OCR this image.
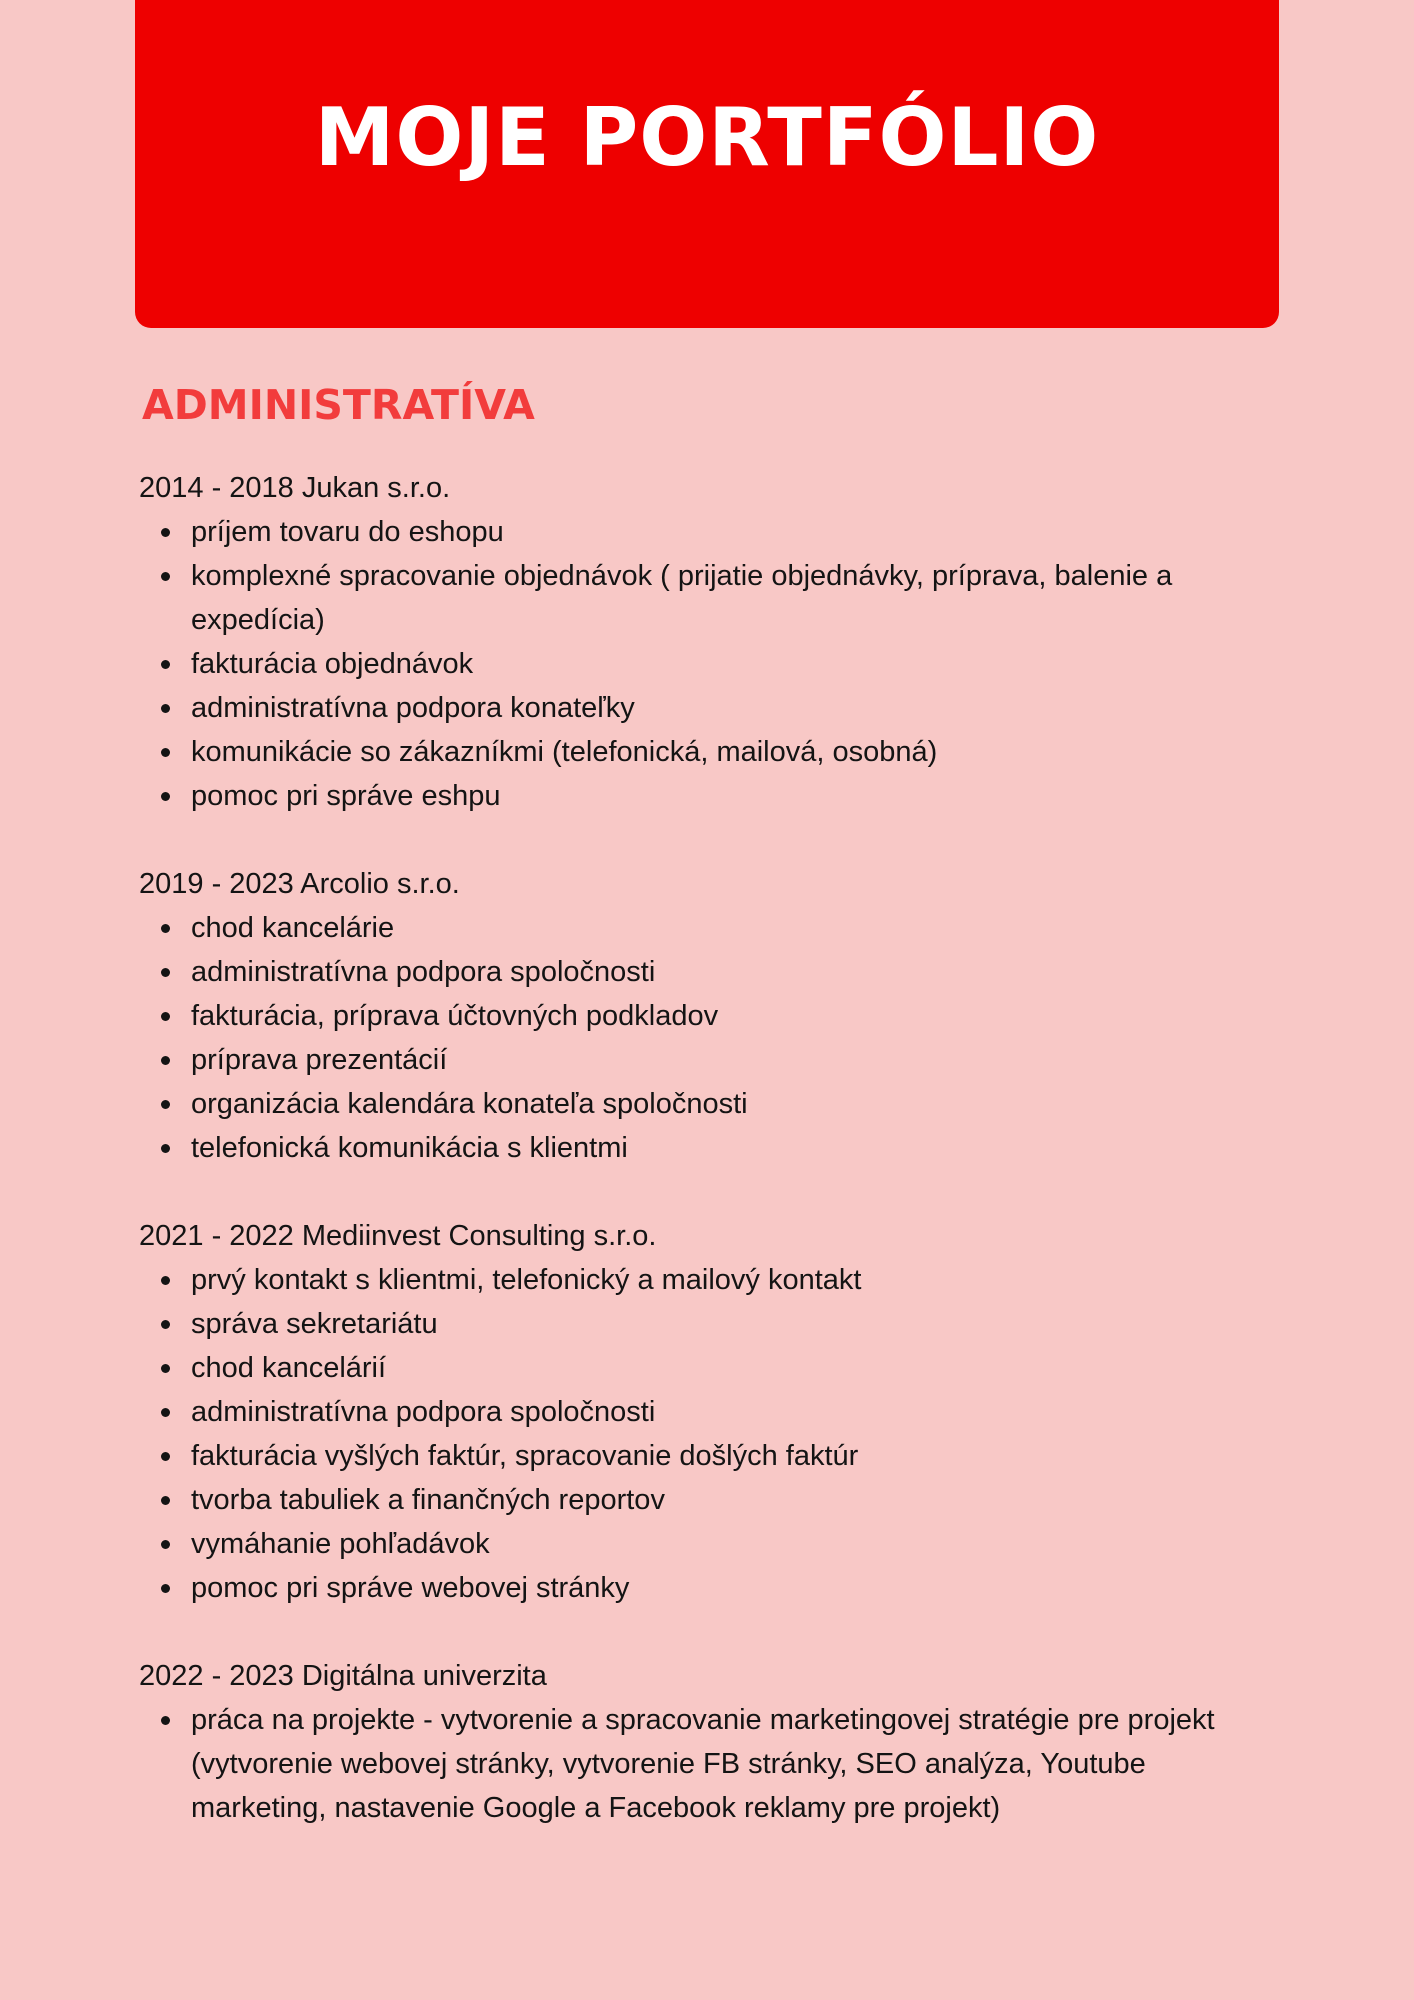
MOJE PORTFÓLIO
ADMINISTRATÍVA

2014 - 2018 Jukan s.r.o.

príjem tovaru do eshopu
komplexné spracovanie objednávok ( prijatie objednávky, príprava, balenie a expedícia)
fakturácia objednávok
administratívna podpora konateľky
komunikácie so zákazníkmi (telefonická, mailová, osobná)
pomoc pri správe eshpu

2019 - 2023 Arcolio s.r.o.

chod kancelárie
administratívna podpora spoločnosti
fakturácia, príprava účtovných podkladov
príprava prezentácií
organizácia kalendára konateľa spoločnosti
telefonická komunikácia s klientmi

2021 - 2022 Mediinvest Consulting s.r.o.

prvý kontakt s klientmi, telefonický a mailový kontakt
správa sekretariátu
chod kancelárií
administratívna podpora spoločnosti
fakturácia vyšlých faktúr, spracovanie došlých faktúr
tvorba tabuliek a finančných reportov
vymáhanie pohľadávok
pomoc pri správe webovej stránky

2022 - 2023 Digitálna univerzita

práca na projekte - vytvorenie a spracovanie marketingovej stratégie pre projekt (vytvorenie webovej stránky, vytvorenie FB stránky, SEO analýza, Youtube marketing, nastavenie Google a Facebook reklamy pre projekt)
